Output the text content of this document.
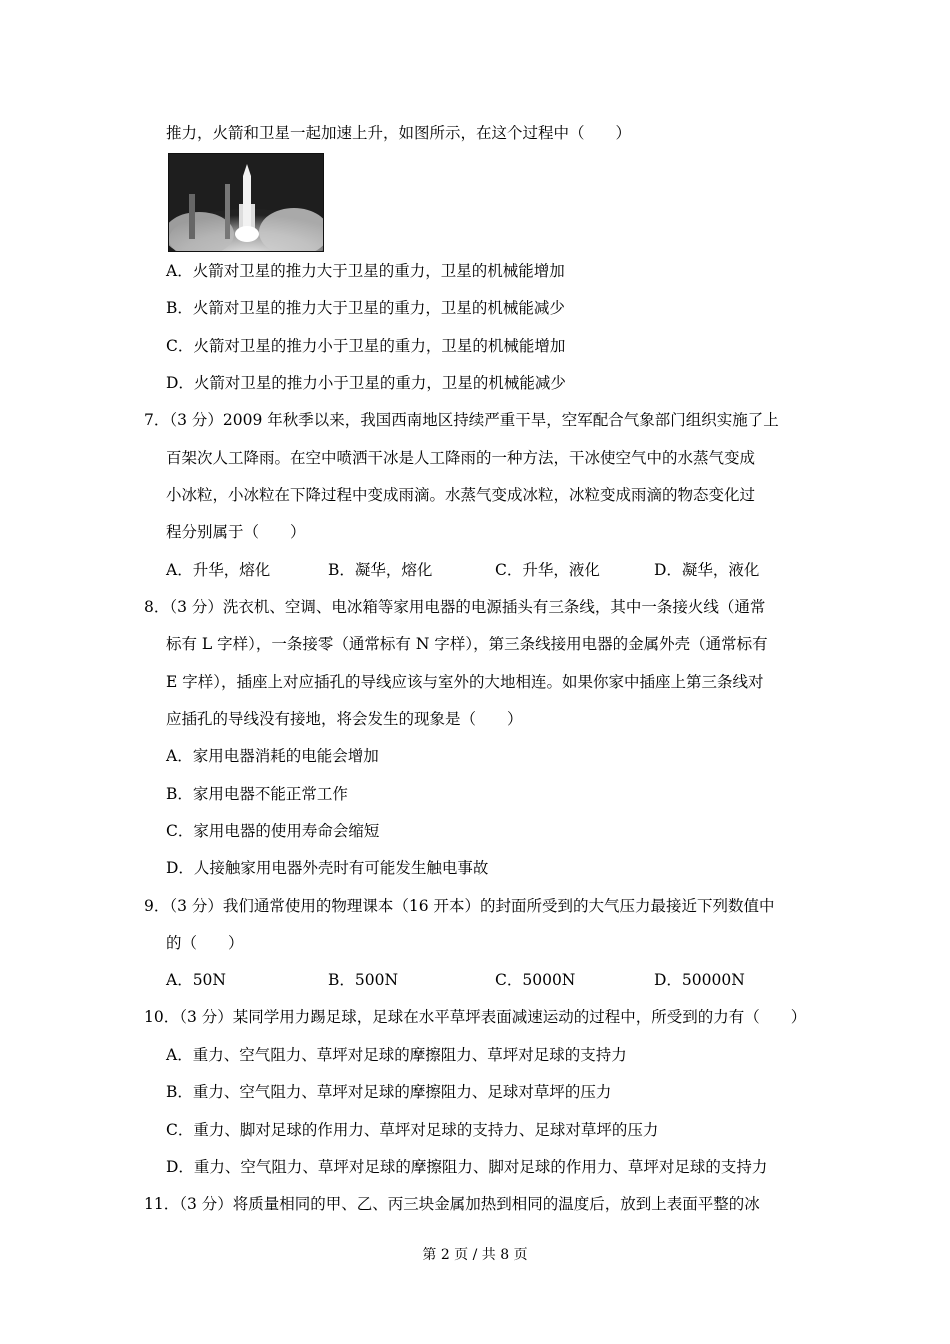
推力，火箭和卫星一起加速上升，如图所示，在这个过程中（　　）
A．火箭对卫星的推力大于卫星的重力，卫星的机械能增加
B．火箭对卫星的推力大于卫星的重力，卫星的机械能减少
C．火箭对卫星的推力小于卫星的重力，卫星的机械能增加
D．火箭对卫星的推力小于卫星的重力，卫星的机械能减少
7．（3 分）2009 年秋季以来，我国西南地区持续严重干旱，空军配合气象部门组织实施了上
百架次人工降雨。在空中喷洒干冰是人工降雨的一种方法，干冰使空气中的水蒸气变成
小冰粒，小冰粒在下降过程中变成雨滴。水蒸气变成冰粒，冰粒变成雨滴的物态变化过
程分别属于（　　）
A．升华，熔化	B．凝华，熔化	C．升华，液化	D．凝华，液化
8．（3 分）洗衣机、空调、电冰箱等家用电器的电源插头有三条线，其中一条接火线（通常
标有 L 字样），一条接零（通常标有 N 字样），第三条线接用电器的金属外壳（通常标有
E 字样），插座上对应插孔的导线应该与室外的大地相连。如果你家中插座上第三条线对
应插孔的导线没有接地，将会发生的现象是（　　）
A．家用电器消耗的电能会增加
B．家用电器不能正常工作
C．家用电器的使用寿命会缩短
D．人接触家用电器外壳时有可能发生触电事故
9．（3 分）我们通常使用的物理课本（16 开本）的封面所受到的大气压力最接近下列数值中
的（　　）
A．50N	B．500N	C．5000N	D．50000N
10．（3 分）某同学用力踢足球，足球在水平草坪表面减速运动的过程中，所受到的力有（　　）
A．重力、空气阻力、草坪对足球的摩擦阻力、草坪对足球的支持力
B．重力、空气阻力、草坪对足球的摩擦阻力、足球对草坪的压力
C．重力、脚对足球的作用力、草坪对足球的支持力、足球对草坪的压力
D．重力、空气阻力、草坪对足球的摩擦阻力、脚对足球的作用力、草坪对足球的支持力
11．（3 分）将质量相同的甲、乙、丙三块金属加热到相同的温度后，放到上表面平整的冰
第 2 页 / 共 8 页
